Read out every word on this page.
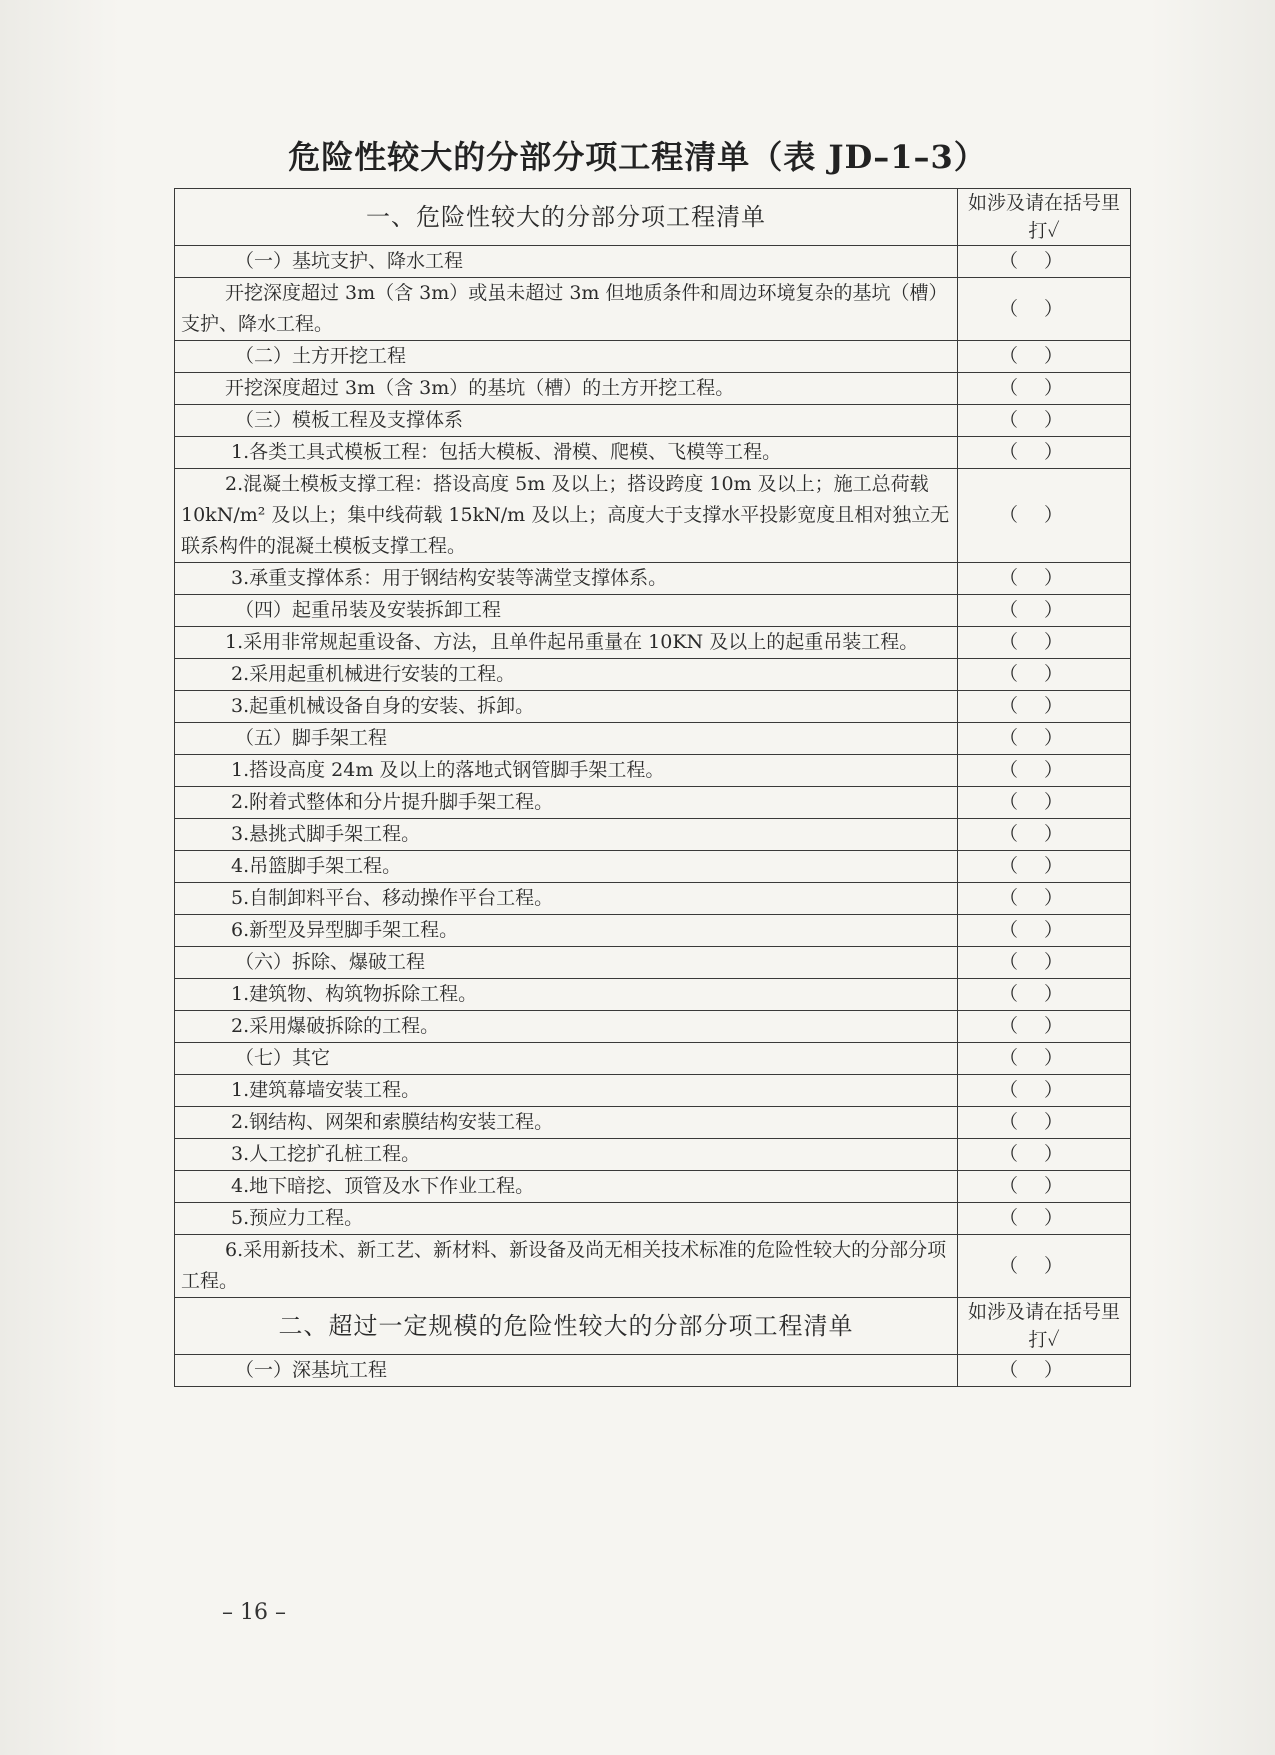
危险性较大的分部分项工程清单（表 JD–1–3）
一、危险性较大的分部分项工程清单	如涉及请在括号里打✓
（一）基坑支护、降水工程	（）
开挖深度超过 3m（含 3m）或虽未超过 3m 但地质条件和周边环境复杂的基坑（槽）支护、降水工程。	（）
（二）土方开挖工程	（）
开挖深度超过 3m（含 3m）的基坑（槽）的土方开挖工程。	（）
（三）模板工程及支撑体系	（）
1.各类工具式模板工程：包括大模板、滑模、爬模、飞模等工程。	（）
2.混凝土模板支撑工程：搭设高度 5m 及以上；搭设跨度 10m 及以上；施工总荷载 10kN/m² 及以上；集中线荷载 15kN/m 及以上；高度大于支撑水平投影宽度且相对独立无联系构件的混凝土模板支撑工程。	（）
3.承重支撑体系：用于钢结构安装等满堂支撑体系。	（）
（四）起重吊装及安装拆卸工程	（）
1.采用非常规起重设备、方法，且单件起吊重量在 10KN 及以上的起重吊装工程。	（）
2.采用起重机械进行安装的工程。	（）
3.起重机械设备自身的安装、拆卸。	（）
（五）脚手架工程	（）
1.搭设高度 24m 及以上的落地式钢管脚手架工程。	（）
2.附着式整体和分片提升脚手架工程。	（）
3.悬挑式脚手架工程。	（）
4.吊篮脚手架工程。	（）
5.自制卸料平台、移动操作平台工程。	（）
6.新型及异型脚手架工程。	（）
（六）拆除、爆破工程	（）
1.建筑物、构筑物拆除工程。	（）
2.采用爆破拆除的工程。	（）
（七）其它	（）
1.建筑幕墙安装工程。	（）
2.钢结构、网架和索膜结构安装工程。	（）
3.人工挖扩孔桩工程。	（）
4.地下暗挖、顶管及水下作业工程。	（）
5.预应力工程。	（）
6.采用新技术、新工艺、新材料、新设备及尚无相关技术标准的危险性较大的分部分项工程。	（）
二、超过一定规模的危险性较大的分部分项工程清单	如涉及请在括号里打✓
（一）深基坑工程	（）
– 16 –
